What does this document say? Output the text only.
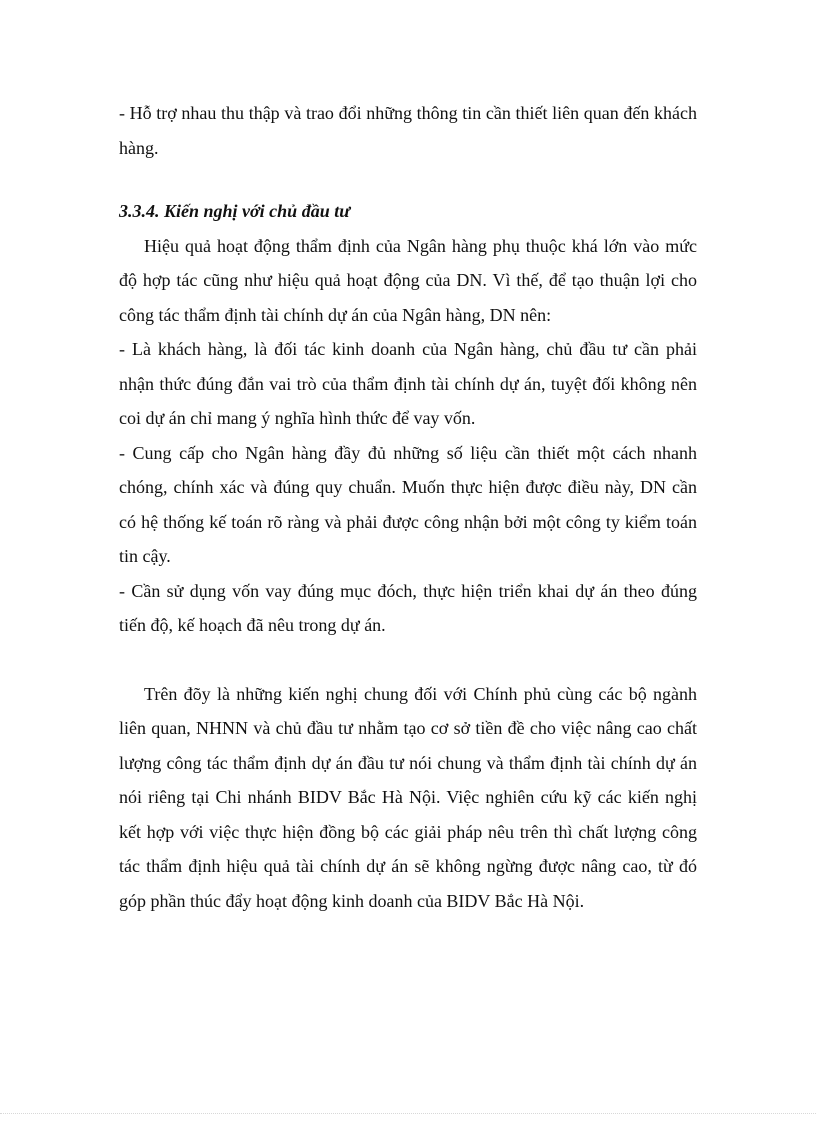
- Hỗ trợ nhau thu thập và trao đổi những thông tin cần thiết liên quan đến khách hàng.

3.3.4. Kiến nghị với chủ đầu tư

Hiệu quả hoạt động thẩm định của Ngân hàng phụ thuộc khá lớn vào mức độ hợp tác cũng như hiệu quả hoạt động của DN. Vì thế, để tạo thuận lợi cho công tác thẩm định tài chính dự án của Ngân hàng, DN nên:

- Là khách hàng, là đối tác kinh doanh của Ngân hàng, chủ đầu tư cần phải nhận thức đúng đắn vai trò của thẩm định tài chính dự án, tuyệt đối không nên coi dự án chỉ mang ý nghĩa hình thức để vay vốn.

- Cung cấp cho Ngân hàng đầy đủ những số liệu cần thiết một cách nhanh chóng, chính xác và đúng quy chuẩn. Muốn thực hiện được điều này, DN cần có hệ thống kế toán rõ ràng và phải được công nhận bởi một công ty kiểm toán tin cậy.

- Cần sử dụng vốn vay đúng mục đóch, thực hiện triển khai dự án theo đúng tiến độ, kế hoạch đã nêu trong dự án.

Trên đõy là những kiến nghị chung đối với Chính phủ cùng các bộ ngành liên quan, NHNN và chủ đầu tư nhằm tạo cơ sở tiền đề cho việc nâng cao chất lượng công tác thẩm định dự án đầu tư nói chung và thẩm định tài chính dự án nói riêng tại Chi nhánh BIDV Bắc Hà Nội. Việc nghiên cứu kỹ các kiến nghị kết hợp với việc thực hiện đồng bộ các giải pháp nêu trên thì chất lượng công tác thẩm định hiệu quả tài chính dự án sẽ không ngừng được nâng cao, từ đó góp phần thúc đẩy hoạt động kinh doanh của BIDV Bắc Hà Nội.
